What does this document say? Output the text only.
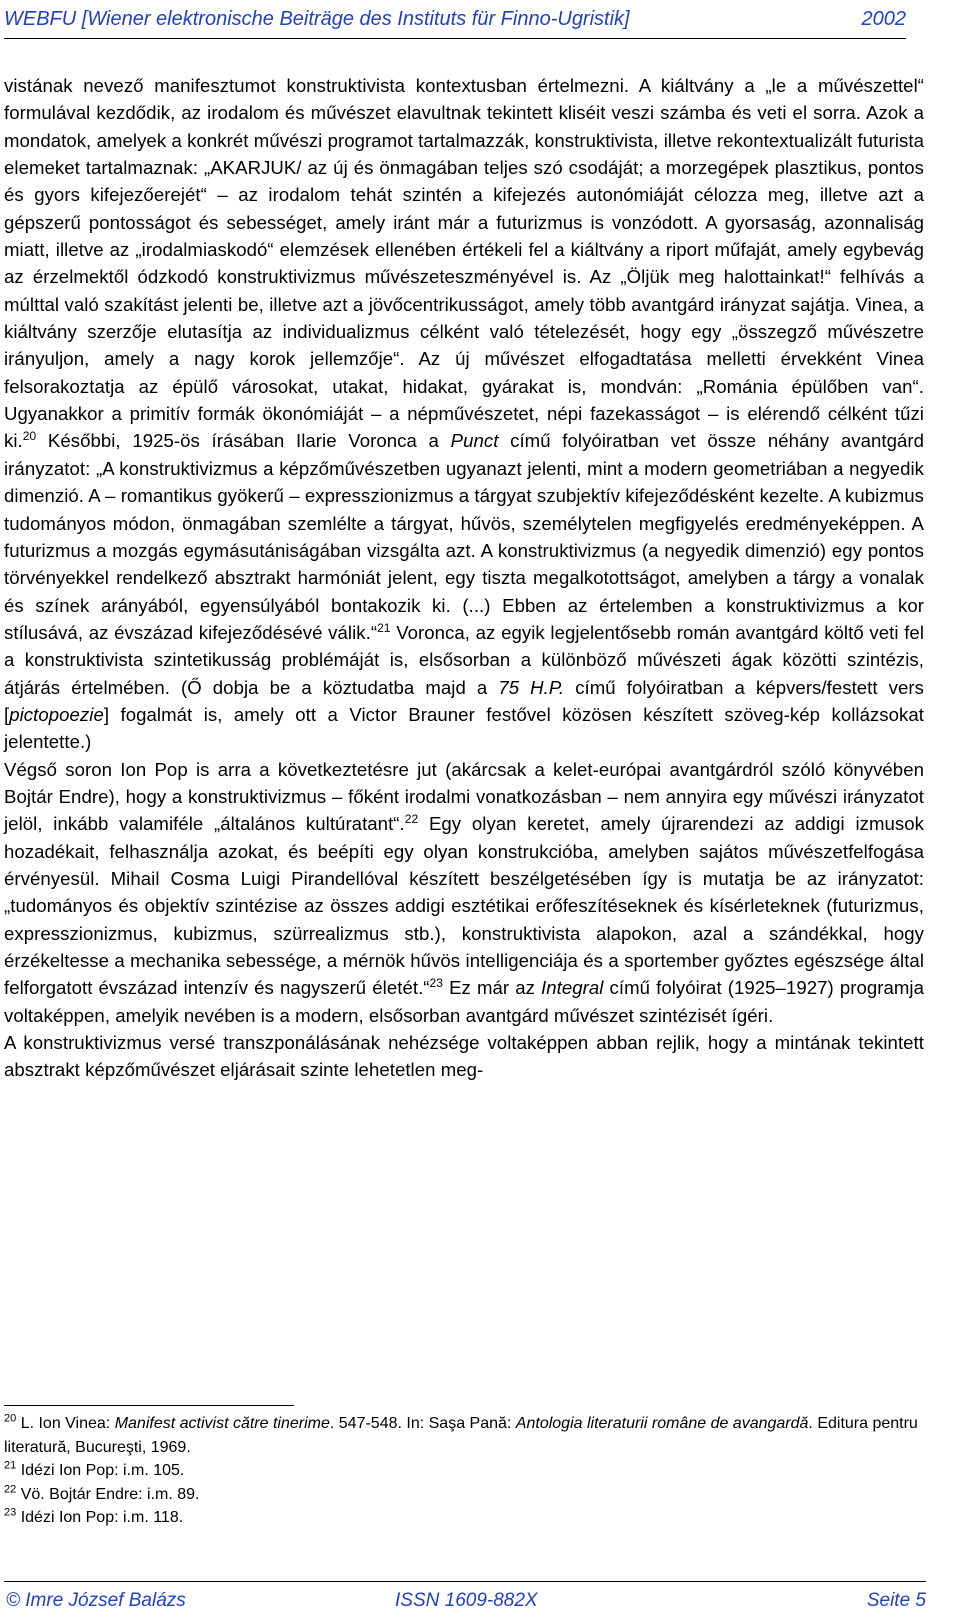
WEBFU [Wiener elektronische Beiträge des Instituts für Finno-Ugristik]	2002

vistának nevező manifesztumot konstruktivista kontextusban értelmezni. A kiáltvány a „le a művészettel“ formulával kezdődik, az irodalom és művészet elavultnak tekintett kliséit veszi számba és veti el sorra. Azok a mondatok, amelyek a konkrét művészi programot tartalmazzák, konstruktivista, illetve rekontextualizált futurista elemeket tartalmaznak: „AKARJUK/ az új és önmagában teljes szó csodáját; a morzegépek plasztikus, pontos és gyors kifejezőerejét“ – az irodalom tehát szintén a kifejezés autonómiáját célozza meg, illetve azt a gépszerű pontosságot és sebességet, amely iránt már a futurizmus is vonzódott. A gyorsaság, azonnaliság miatt, illetve az „irodalmiaskodó“ elemzések ellenében értékeli fel a kiáltvány a riport műfaját, amely egybevág az érzelmektől ódzkodó konstruktivizmus művészeteszményével is. Az „Öljük meg halottainkat!“ felhívás a múlttal való szakítást jelenti be, illetve azt a jövőcentrikusságot, amely több avantgárd irányzat sajátja. Vinea, a kiáltvány szerzője elutasítja az individualizmus célként való tételezését, hogy egy „összegző művészetre irányuljon, amely a nagy korok jellemzője“. Az új művészet elfogadtatása melletti érvekként Vinea felsorakoztatja az épülő városokat, utakat, hidakat, gyárakat is, mondván: „Románia épülőben van“. Ugyanakkor a primitív formák ökonómiáját – a népművészetet, népi fazekasságot – is elérendő célként tűzi ki.$^{20}$ Későbbi, 1925-ös írásában Ilarie Voronca a Punct című folyóiratban vet össze néhány avantgárd irányzatot: „A konstruktivizmus a képzőművészetben ugyanazt jelenti, mint a modern geometriában a negyedik dimenzió. A – romantikus gyökerű – expresszionizmus a tárgyat szubjektív kifejeződésként kezelte. A kubizmus tudományos módon, önmagában szemlélte a tárgyat, hűvös, személytelen megfigyelés eredményeképpen. A futurizmus a mozgás egymásutániságában vizsgálta azt. A konstruktivizmus (a negyedik dimenzió) egy pontos törvényekkel rendelkező absztrakt harmóniát jelent, egy tiszta megalkotottságot, amelyben a tárgy a vonalak és színek arányából, egyensúlyából bontakozik ki. (...) Ebben az értelemben a konstruktivizmus a kor stílusává, az évszázad kifejeződésévé válik.“$^{21}$ Voronca, az egyik legjelentősebb román avantgárd költő veti fel a konstruktivista szintetikusság problémáját is, elsősorban a különböző művészeti ágak közötti szintézis, átjárás értelmében. (Ő dobja be a köztudatba majd a 75 H.P. című folyóiratban a képvers/festett vers [pictopoezie] fogalmát is, amely ott a Victor Brauner festővel közösen készített szöveg-kép kollázsokat jelentette.)

Végső soron Ion Pop is arra a következtetésre jut (akárcsak a kelet-európai avantgárdról szóló könyvében Bojtár Endre), hogy a konstruktivizmus – főként irodalmi vonatkozásban – nem annyira egy művészi irányzatot jelöl, inkább valamiféle „általános kultúratant“.$^{22}$ Egy olyan keretet, amely újrarendezi az addigi izmusok hozadékait, felhasználja azokat, és beépíti egy olyan konstrukcióba, amelyben sajátos művészetfelfogása érvényesül. Mihail Cosma Luigi Pirandellóval készített beszélgetésében így is mutatja be az irányzatot: „tudományos és objektív szintézise az összes addigi esztétikai erőfeszítéseknek és kísérleteknek (futurizmus, expresszionizmus, kubizmus, szürrealizmus stb.), konstruktivista alapokon, azal a szándékkal, hogy érzékeltesse a mechanika sebessége, a mérnök hűvös intelligenciája és a sportember győztes egészsége által felforgatott évszázad intenzív és nagyszerű életét.“$^{23}$ Ez már az Integral című folyóirat (1925–1927) programja voltaképpen, amelyik nevében is a modern, elsősorban avantgárd művészet szintézisét ígéri.

A konstruktivizmus versé transzponálásának nehézsége voltaképpen abban rejlik, hogy a mintának tekintett absztrakt képzőművészet eljárásait szinte lehetetlen meg-

$^{20}$ L. Ion Vinea: Manifest activist către tinerime. 547-548. In: Saşa Pană: Antologia literaturii române de avangardă. Editura pentru literatură, Bucureşti, 1969.

$^{21}$ Idézi Ion Pop: i.m. 105.

$^{22}$ Vö. Bojtár Endre: i.m. 89.

$^{23}$ Idézi Ion Pop: i.m. 118.

© Imre József Balázs	ISSN 1609-882X	Seite 5
